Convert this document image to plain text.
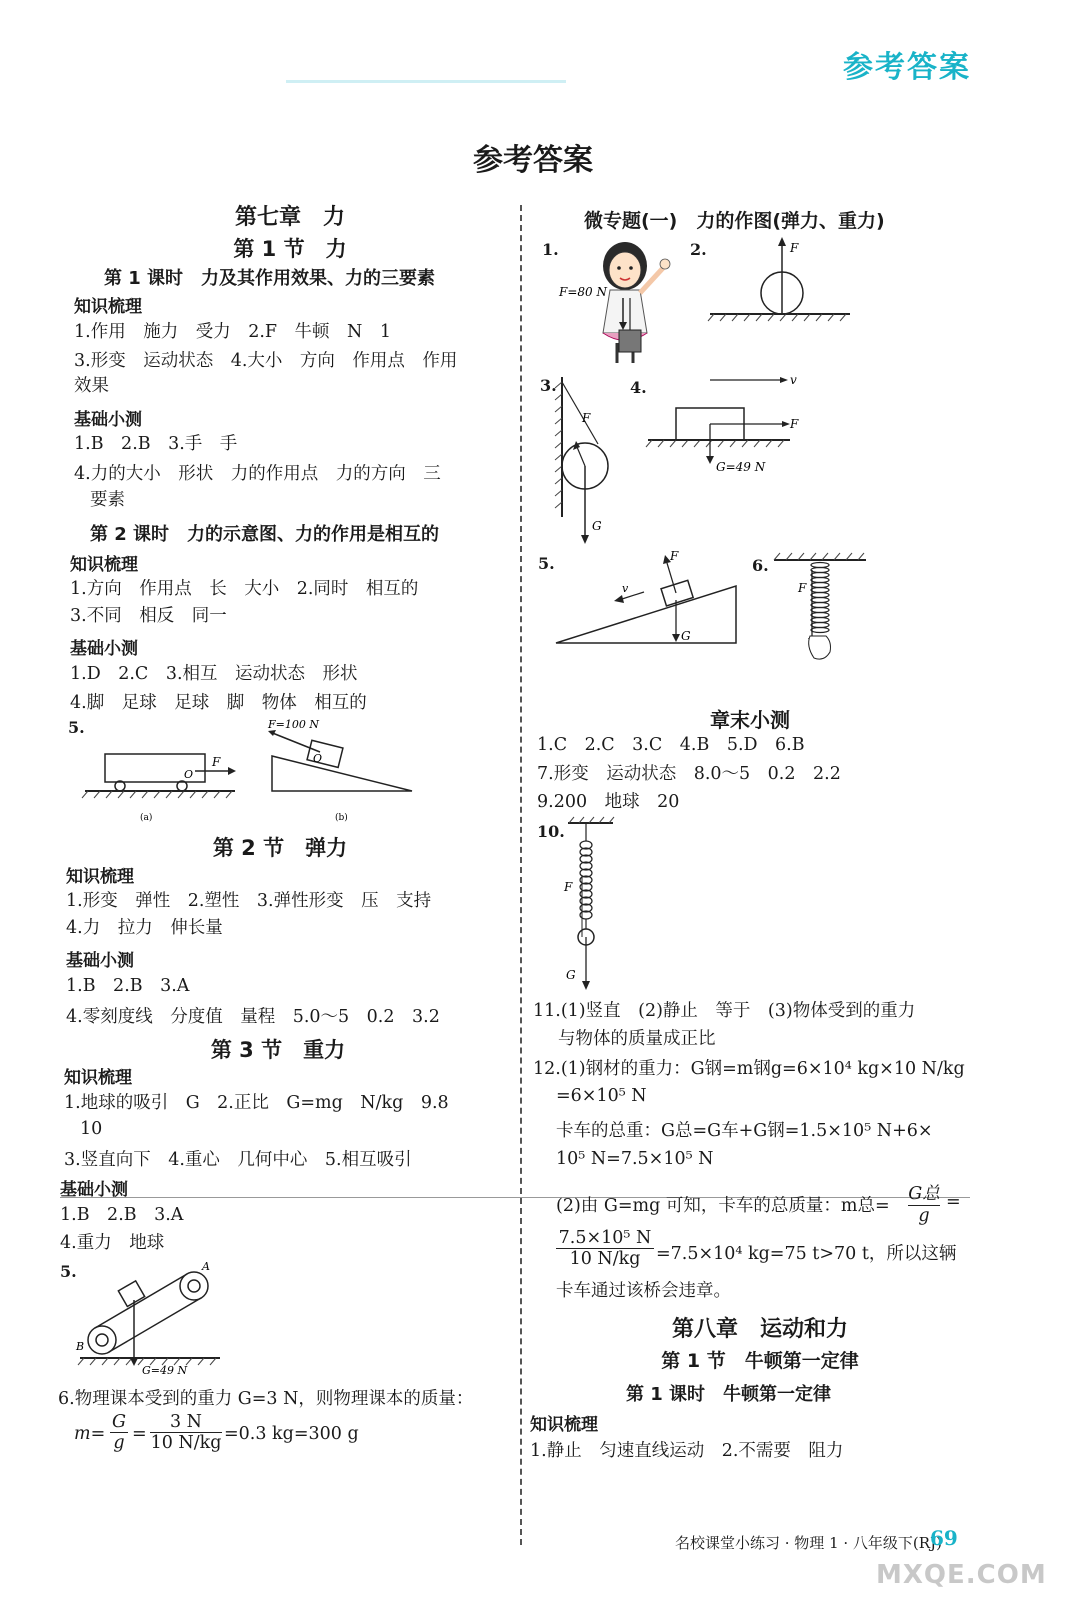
参考答案
参考答案
第七章　力
第 1 节　力
第 1 课时　力及其作用效果、力的三要素
知识梳理
1.作用　施力　受力　2.F　牛顿　N　1
3.形变　运动状态　4.大小　方向　作用点　作用
效果
基础小测
1.B　2.B　3.手　手
4.力的大小　形状　力的作用点　力的方向　三
要素
第 2 课时　力的示意图、力的作用是相互的
知识梳理
1.方向　作用点　长　大小　2.同时　相互的
3.不同　相反　同一
基础小测
1.D　2.C　3.相互　运动状态　形状
4.脚　足球　足球　脚　物体　相互的
5.
F
O
(a)
F=100 N
O
(b)
第 2 节　弹力
知识梳理
1.形变　弹性　2.塑性　3.弹性形变　压　支持
4.力　拉力　伸长量
基础小测
1.B　2.B　3.A
4.零刻度线　分度值　量程　5.0～5　0.2　3.2
第 3 节　重力
知识梳理
1.地球的吸引　G　2.正比　G=mg　N/kg　9.8
10
3.竖直向下　4.重心　几何中心　5.相互吸引
基础小测
1.B　2.B　3.A
4.重力　地球
5.	A
B
G=49 N
6.物理课本受到的重力 G=3 N，则物理课本的质量：
m=
G
g =
3 N
10 N/kg =0.3 kg=300 g
微专题(一)　力的作图(弹力、重力)
1.
F=80 N
2.	F
3.
F
G
4.	v
F
G=49 N
5.
G
F
v
6.
F
章末小测
1.C　2.C　3.C　4.B　5.D　6.B
7.形变　运动状态　8.0～5　0.2　2.2
9.200　地球　20
10.
F
G
11.(1)竖直　(2)静止　等于　(3)物体受到的重力
与物体的质量成正比
12.(1)钢材的重力：G钢=m钢g=6×10⁴ kg×10 N/kg
=6×10⁵ N
卡车的总重：G总=G车+G钢=1.5×10⁵ N+6×
10⁵ N=7.5×10⁵ N
(2)由 G=mg 可知，卡车的总质量：m总=
G总
g
=
7.5×10⁵ N
10 N/kg =7.5×10⁴ kg=75 t>70 t，所以这辆
卡车通过该桥会违章。
第八章　运动和力
第 1 节　牛顿第一定律
第 1 课时　牛顿第一定律
知识梳理
1.静止　匀速直线运动　2.不需要　阻力
名校课堂小练习 · 物理 1 · 八年级下(RJ)
69
MXQE.COM
